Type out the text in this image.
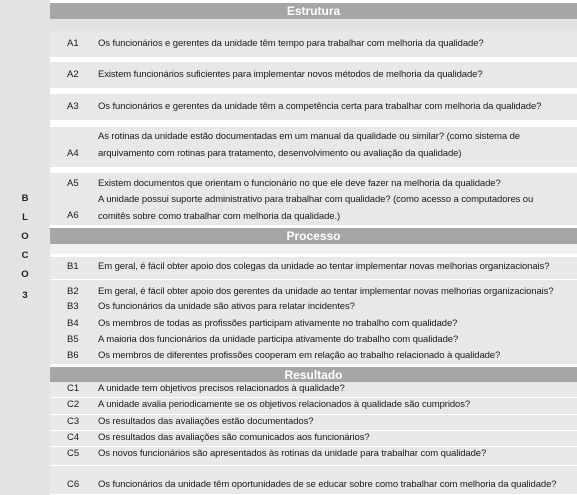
B
L
O
C
O
3
Estrutura
A1 Os funcionários e gerentes da unidade têm tempo para trabalhar com melhoria da qualidade?
A2 Existem funcionários suficientes para implementar novos métodos de melhoria da qualidade?
A3 Os funcionários e gerentes da unidade têm a competência certa para trabalhar com melhoria da qualidade?
A4
As rotinas da unidade estão documentadas em um manual da qualidade ou similar? (como sistema de
arquivamento com rotinas para tratamento, desenvolvimento ou avaliação da qualidade)
A5 Existem documentos que orientam o funcionário no que ele deve fazer na melhoria da qualidade?
A6
A unidade possui suporte administrativo para trabalhar com qualidade? (como acesso a computadores ou
comitês sobre como trabalhar com melhoria da qualidade.)
Processo
B1 Em geral, é fácil obter apoio dos colegas da unidade ao tentar implementar novas melhorias organizacionais?
B2 Em geral, é fácil obter apoio dos gerentes da unidade ao tentar implementar novas melhorias organizacionais?
B3 Os funcionários da unidade são ativos para relatar incidentes?
B4 Os membros de todas as profissões participam ativamente no trabalho com qualidade?
B5 A maioria dos funcionários da unidade participa ativamente do trabalho com qualidade?
B6 Os membros de diferentes profissões cooperam em relação ao trabalho relacionado à qualidade?
Resultado
C1 A unidade tem objetivos precisos relacionados à qualidade?
C2 A unidade avalia periodicamente se os objetivos relacionados à qualidade são cumpridos?
C3 Os resultados das avaliações estão documentados?
C4 Os resultados das avaliações são comunicados aos funcionários?
C5 Os novos funcionários são apresentados às rotinas da unidade para trabalhar com qualidade?
C6 Os funcionários da unidade têm oportunidades de se educar sobre como trabalhar com melhoria da qualidade?
